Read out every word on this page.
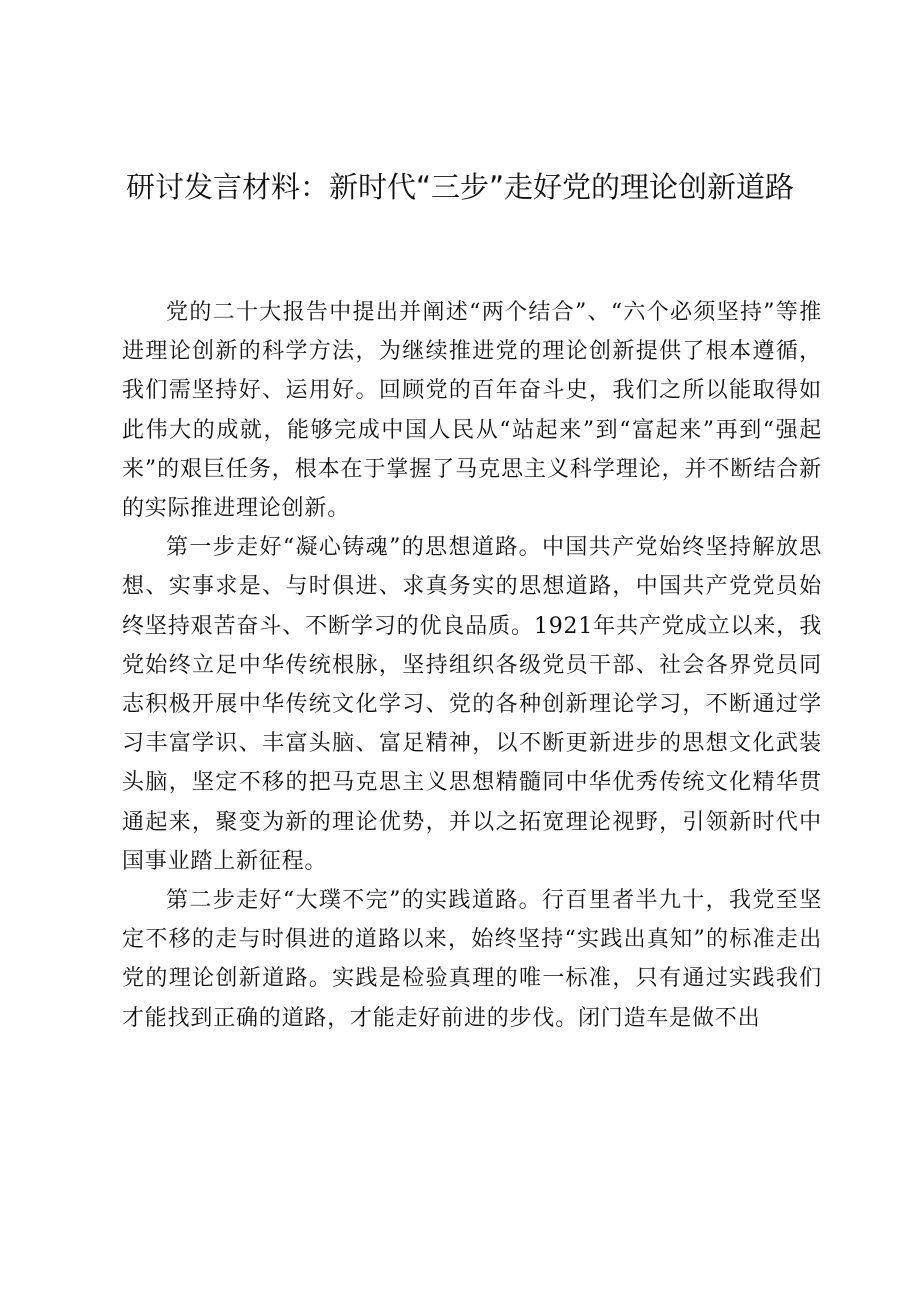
研讨发言材料：新时代“三步”走好党的理论创新道路

党的二十大报告中提出并阐述“两个结合”、“六个必须坚持”等推进理论创新的科学方法，为继续推进党的理论创新提供了根本遵循，我们需坚持好、运用好。回顾党的百年奋斗史，我们之所以能取得如此伟大的成就，能够完成中国人民从“站起来”到“富起来”再到“强起来”的艰巨任务，根本在于掌握了马克思主义科学理论，并不断结合新的实际推进理论创新。

第一步走好“凝心铸魂”的思想道路。中国共产党始终坚持解放思想、实事求是、与时俱进、求真务实的思想道路，中国共产党党员始终坚持艰苦奋斗、不断学习的优良品质。1921年共产党成立以来，我党始终立足中华传统根脉，坚持组织各级党员干部、社会各界党员同志积极开展中华传统文化学习、党的各种创新理论学习，不断通过学习丰富学识、丰富头脑、富足精神，以不断更新进步的思想文化武装头脑，坚定不移的把马克思主义思想精髓同中华优秀传统文化精华贯通起来，聚变为新的理论优势，并以之拓宽理论视野，引领新时代中国事业踏上新征程。

第二步走好“大璞不完”的实践道路。行百里者半九十，我党至坚定不移的走与时俱进的道路以来，始终坚持“实践出真知”的标准走出党的理论创新道路。实践是检验真理的唯一标准，只有通过实践我们才能找到正确的道路，才能走好前进的步伐。闭门造车是做不出
